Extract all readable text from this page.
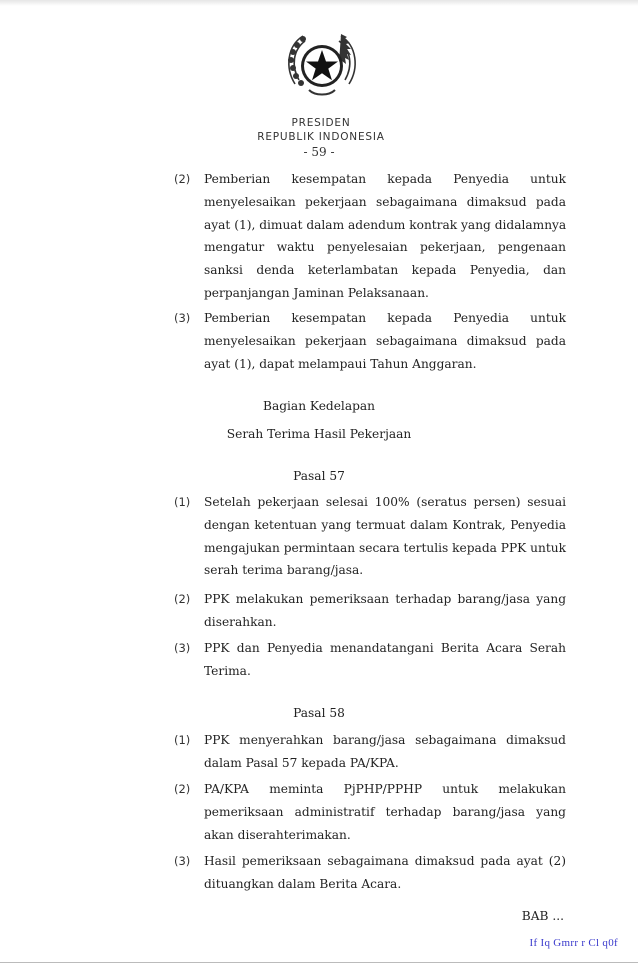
PRESIDEN
REPUBLIK INDONESIA
- 59 -
(2) Pemberian kesempatan kepada Penyedia untuk
menyelesaikan pekerjaan sebagaimana dimaksud pada
ayat (1), dimuat dalam adendum kontrak yang didalamnya
mengatur waktu penyelesaian pekerjaan, pengenaan
sanksi denda keterlambatan kepada Penyedia, dan
perpanjangan Jaminan Pelaksanaan.
(3) Pemberian kesempatan kepada Penyedia untuk
menyelesaikan pekerjaan sebagaimana dimaksud pada
ayat (1), dapat melampaui Tahun Anggaran.
Bagian Kedelapan
Serah Terima Hasil Pekerjaan
Pasal 57
(1) Setelah pekerjaan selesai 100% (seratus persen) sesuai
dengan ketentuan yang termuat dalam Kontrak, Penyedia
mengajukan permintaan secara tertulis kepada PPK untuk
serah terima barang/jasa.
(2) PPK melakukan pemeriksaan terhadap barang/jasa yang
diserahkan.
(3) PPK dan Penyedia menandatangani Berita Acara Serah
Terima.
Pasal 58
(1) PPK menyerahkan barang/jasa sebagaimana dimaksud
dalam Pasal 57 kepada PA/KPA.
(2) PA/KPA meminta PjPHP/PPHP untuk melakukan
pemeriksaan administratif terhadap barang/jasa yang
akan diserahterimakan.
(3) Hasil pemeriksaan sebagaimana dimaksud pada ayat (2)
dituangkan dalam Berita Acara.
BAB ...
If Iq Gmrr r Cl q0f
